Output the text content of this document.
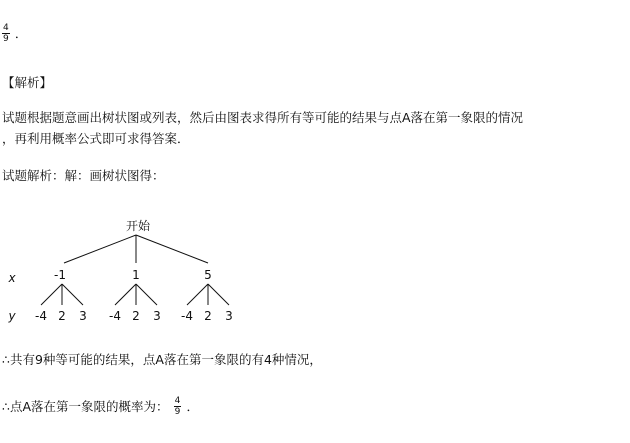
$\frac{4}{9}$ ．
【解析】
试题根据题意画出树状图或列表，然后由图表求得所有等可能的结果与点A落在第一象限的情况
，再利用概率公式即可求得答案．
试题解析：解：画树状图得：
开始
x	-1	1	5
y -4 2 3 -4 2 3 -4 2 3
∴共有9种等可能的结果，点A落在第一象限的有4种情况，
∴点A落在第一象限的概率为： $\frac{4}{9}$ ．
